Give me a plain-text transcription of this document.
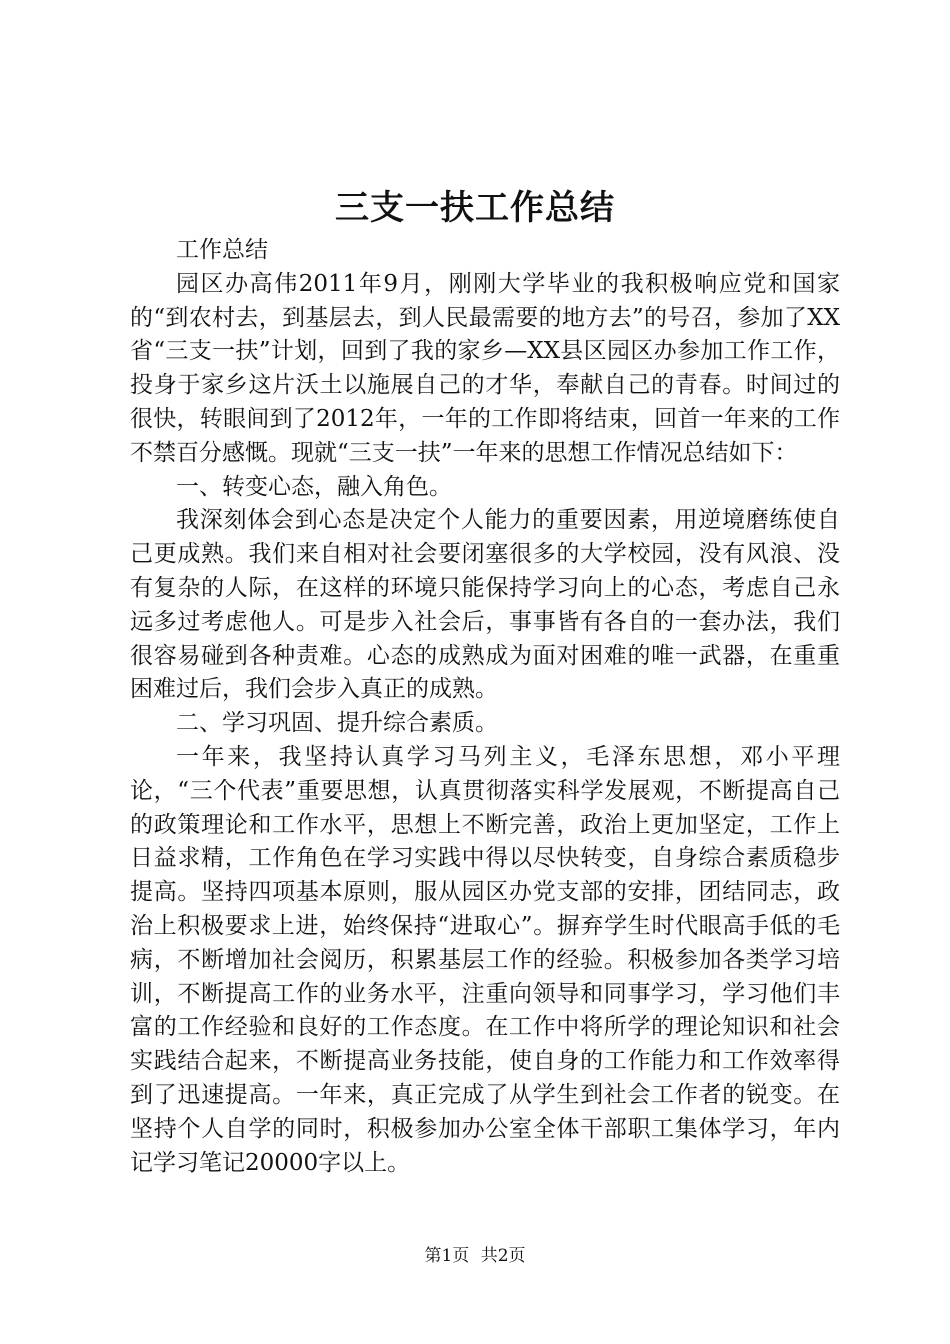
三支一扶工作总结

工作总结

园区办高伟2011年9月，刚刚大学毕业的我积极响应党和国家的“到农村去，到基层去，到人民最需要的地方去”的号召，参加了XX省“三支一扶”计划，回到了我的家乡—XX县区园区办参加工作工作，投身于家乡这片沃土以施展自己的才华，奉献自己的青春。时间过的很快，转眼间到了2012年，一年的工作即将结束，回首一年来的工作不禁百分感慨。现就“三支一扶”一年来的思想工作情况总结如下：

一、转变心态，融入角色。

我深刻体会到心态是决定个人能力的重要因素，用逆境磨练使自己更成熟。我们来自相对社会要闭塞很多的大学校园，没有风浪、没有复杂的人际，在这样的环境只能保持学习向上的心态，考虑自己永远多过考虑他人。可是步入社会后，事事皆有各自的一套办法，我们很容易碰到各种责难。心态的成熟成为面对困难的唯一武器，在重重困难过后，我们会步入真正的成熟。

二、学习巩固、提升综合素质。

一年来，我坚持认真学习马列主义，毛泽东思想，邓小平理论，“三个代表”重要思想，认真贯彻落实科学发展观，不断提高自己的政策理论和工作水平，思想上不断完善，政治上更加坚定，工作上日益求精，工作角色在学习实践中得以尽快转变，自身综合素质稳步提高。坚持四项基本原则，服从园区办党支部的安排，团结同志，政治上积极要求上进，始终保持“进取心”。摒弃学生时代眼高手低的毛病，不断增加社会阅历，积累基层工作的经验。积极参加各类学习培训，不断提高工作的业务水平，注重向领导和同事学习，学习他们丰富的工作经验和良好的工作态度。在工作中将所学的理论知识和社会实践结合起来，不断提高业务技能，使自身的工作能力和工作效率得到了迅速提高。一年来，真正完成了从学生到社会工作者的锐变。在坚持个人自学的同时，积极参加办公室全体干部职工集体学习，年内记学习笔记20000字以上。

第1页 共2页
